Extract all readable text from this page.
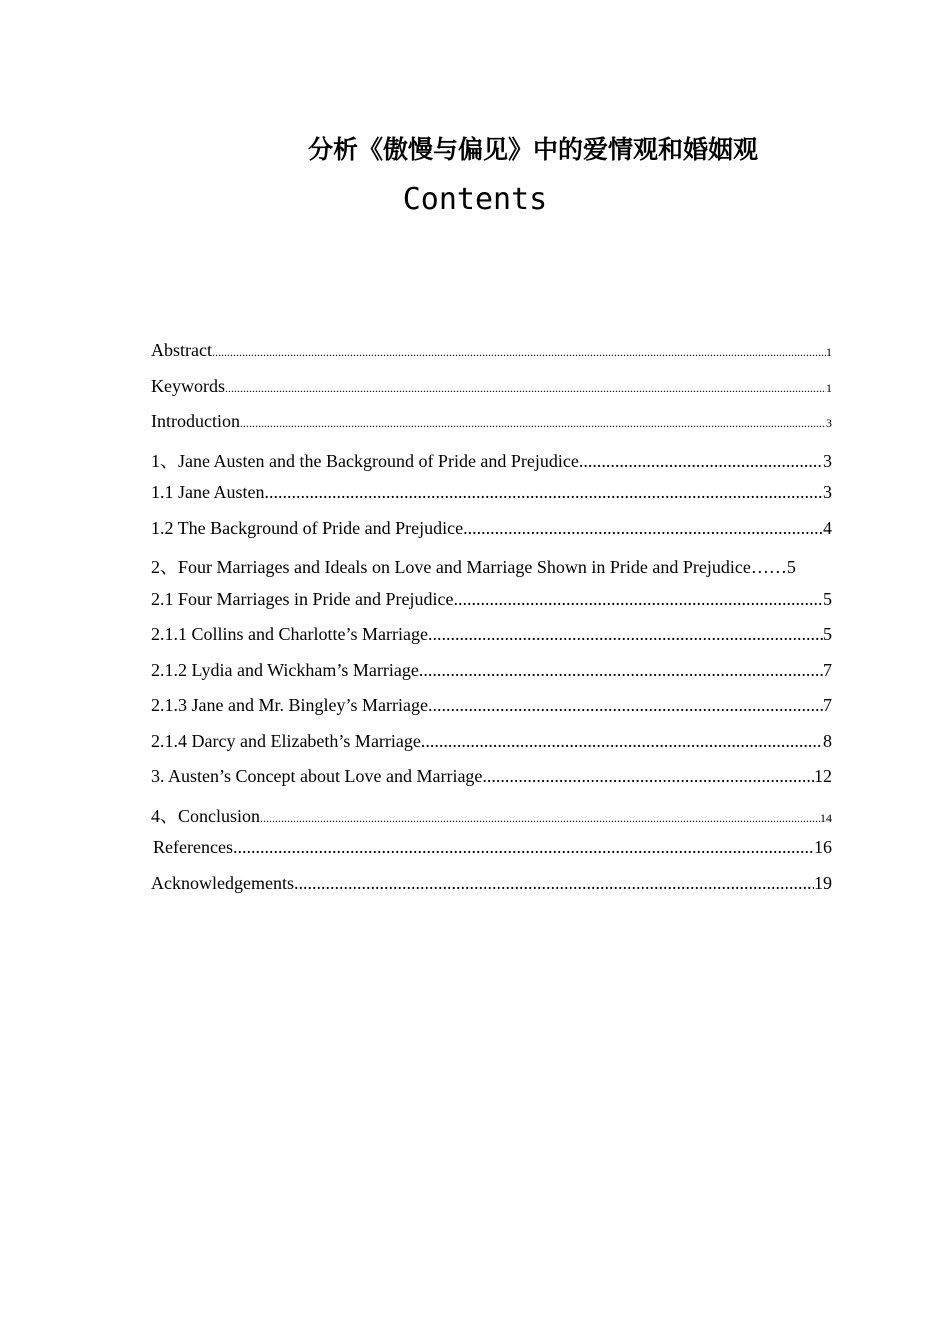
分析《傲慢与偏见》中的爱情观和婚姻观
Contents
Abstract .....	1
Keywords .....	1
Introduction .....	3
1、Jane Austen and the Background of Pride and Prejudice .....	3
1.1 Jane Austen .....	3
1.2 The Background of Pride and Prejudice .....	4
2、Four Marriages and Ideals on Love and Marriage Shown in Pride and Prejudice ……5
2.1 Four Marriages in Pride and Prejudice .....	5
2.1.1 Collins and Charlotte’s Marriage .....	5
2.1.2 Lydia and Wickham’s Marriage .....	7
2.1.3 Jane and Mr. Bingley’s Marriage .....	7
2.1.4 Darcy and Elizabeth’s Marriage .....	8
3. Austen’s Concept about Love and Marriage .....	12
4、Conclusion .....	14
References .....	16
Acknowledgements .....	19
